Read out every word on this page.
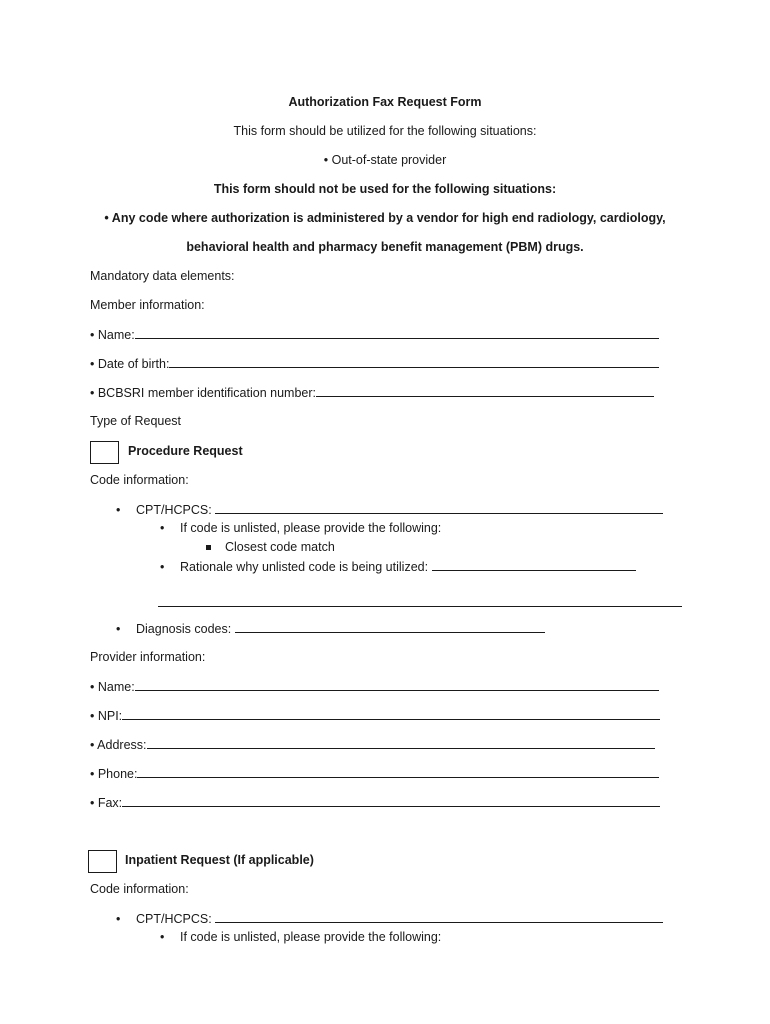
Authorization Fax Request Form
This form should be utilized for the following situations:
• Out-of-state provider
This form should not be used for the following situations:
• Any code where authorization is administered by a vendor for high end radiology, cardiology,
behavioral health and pharmacy benefit management (PBM) drugs.
Mandatory data elements:
Member information:
• Name:
• Date of birth:
• BCBSRI member identification number:
Type of Request
Procedure Request
Code information:
• CPT/HCPCS:
• If code is unlisted, please provide the following:
Closest code match
• Rationale why unlisted code is being utilized:
• Diagnosis codes:
Provider information:
• Name:
• NPI:
• Address:
• Phone:
• Fax:
Inpatient Request (If applicable)
Code information:
• CPT/HCPCS:
• If code is unlisted, please provide the following:
